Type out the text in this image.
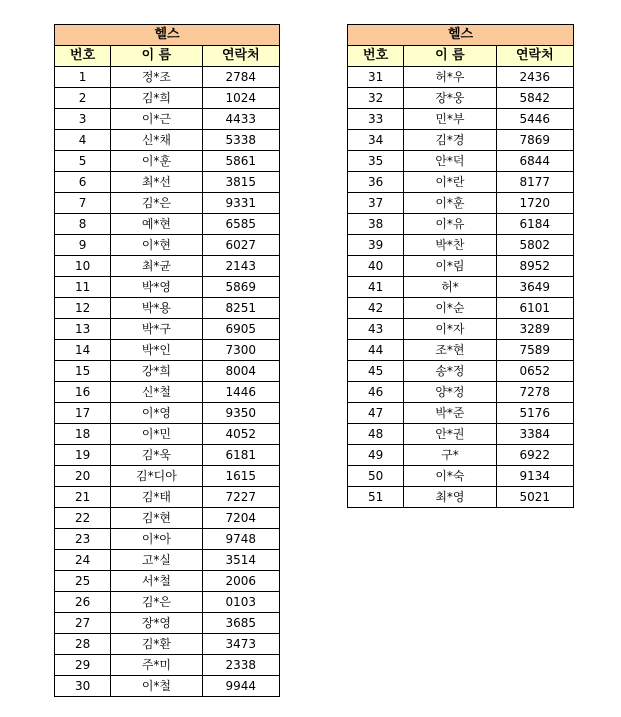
헬스		
번호	이 름	연락처
1	정*조	2784
2	김*희	1024
3	이*근	4433
4	신*채	5338
5	이*훈	5861
6	최*선	3815
7	김*은	9331
8	예*현	6585
9	이*현	6027
10	최*균	2143
11	박*영	5869
12	박*용	8251
13	박*구	6905
14	박*인	7300
15	강*희	8004
16	신*철	1446
17	이*영	9350
18	이*민	4052
19	김*욱	6181
20	김*디아	1615
21	김*태	7227
22	김*현	7204
23	이*아	9748
24	고*실	3514
25	서*철	2006
26	김*은	0103
27	장*영	3685
28	김*환	3473
29	주*미	2338
30	이*철	9944
헬스		
번호	이 름	연락처
31	허*우	2436
32	장*웅	5842
33	민*부	5446
34	김*경	7869
35	안*덕	6844
36	이*란	8177
37	이*훈	1720
38	이*유	6184
39	박*찬	5802
40	이*림	8952
41	허*	3649
42	이*순	6101
43	이*자	3289
44	조*현	7589
45	송*정	0652
46	양*정	7278
47	박*준	5176
48	안*권	3384
49	구*	6922
50	이*숙	9134
51	최*영	5021
